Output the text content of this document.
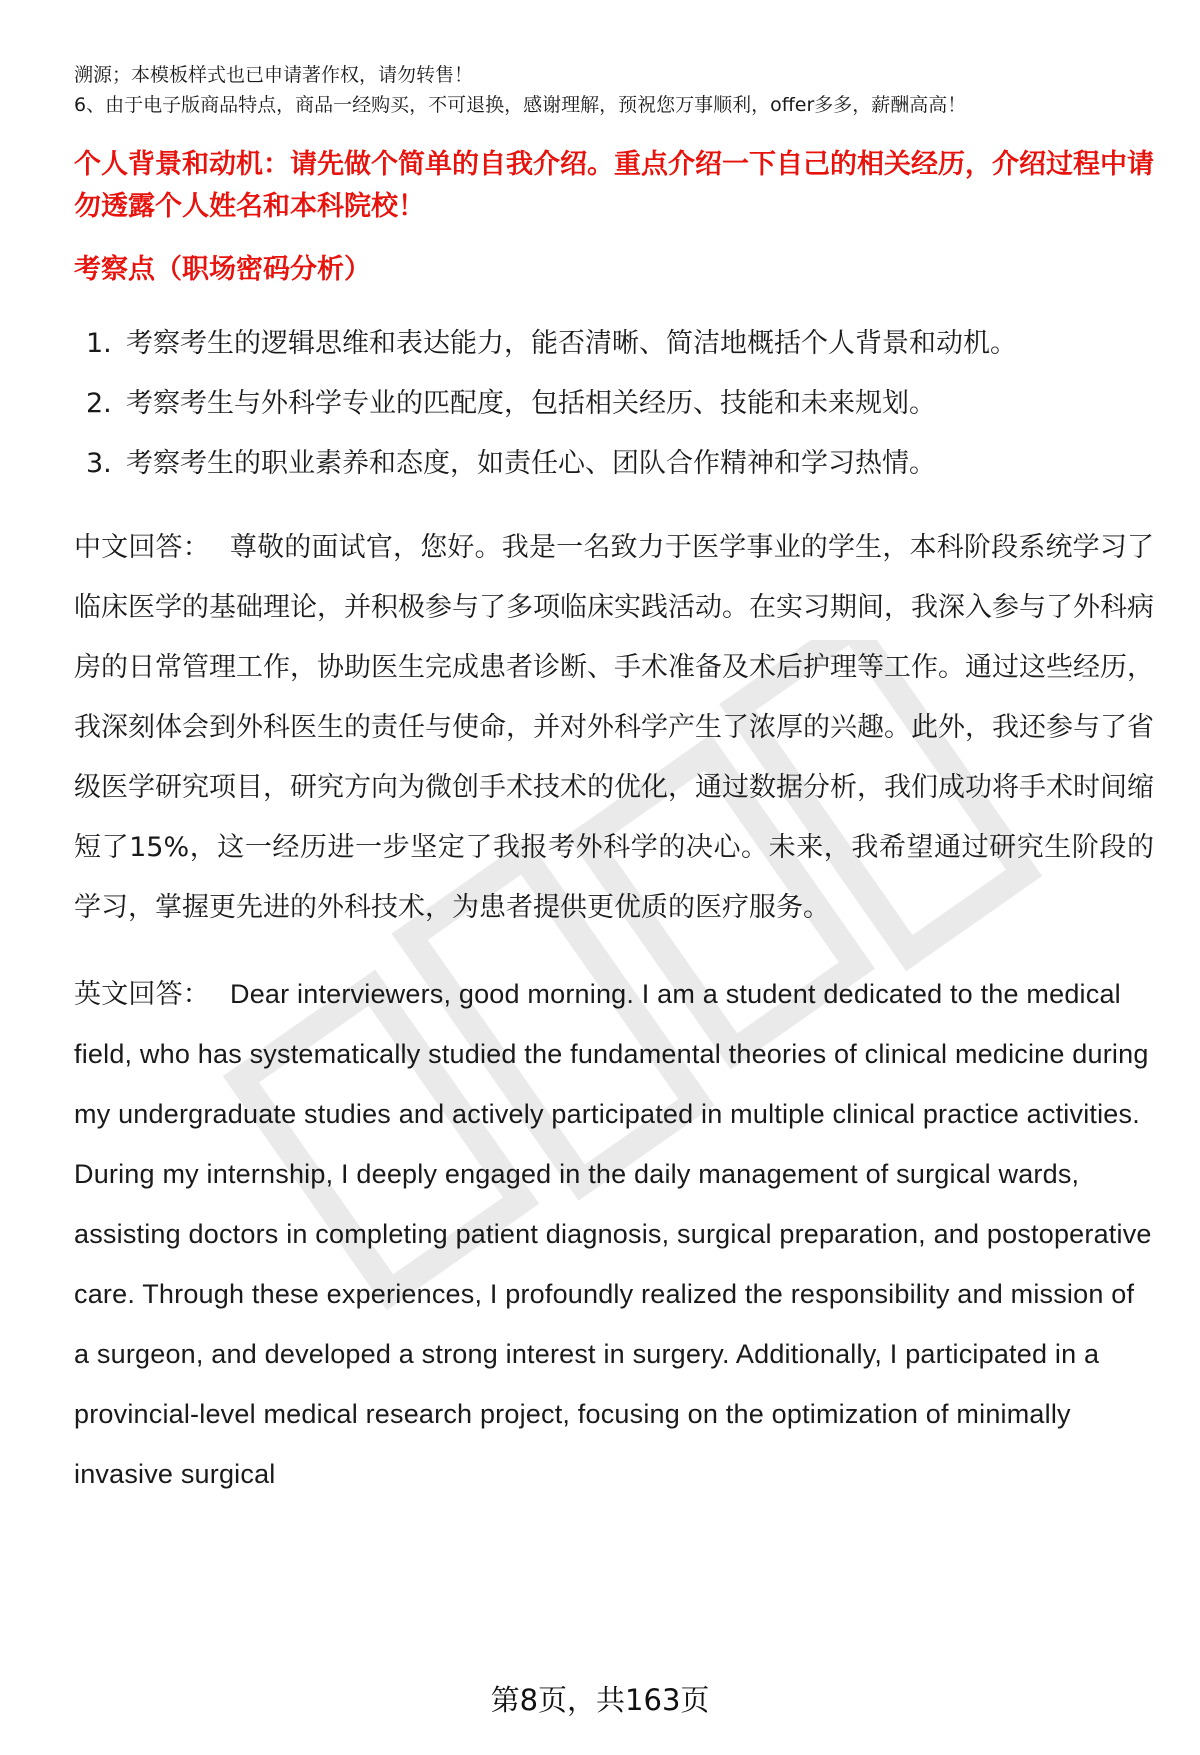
溯源；本模板样式也已申请著作权，请勿转售！

6、由于电子版商品特点，商品一经购买，不可退换，感谢理解，预祝您万事顺利，offer多多，薪酬高高！

个人背景和动机：请先做个简单的自我介绍。重点介绍一下自己的相关经历，介绍过程中请勿透露个人姓名和本科院校！

考察点（职场密码分析）

1. 考察考生的逻辑思维和表达能力，能否清晰、简洁地概括个人背景和动机。
2. 考察考生与外科学专业的匹配度，包括相关经历、技能和未来规划。
3. 考察考生的职业素养和态度，如责任心、团队合作精神和学习热情。

中文回答： 尊敬的面试官，您好。我是一名致力于医学事业的学生，本科阶段系统学习了临床医学的基础理论，并积极参与了多项临床实践活动。在实习期间，我深入参与了外科病房的日常管理工作，协助医生完成患者诊断、手术准备及术后护理等工作。通过这些经历，我深刻体会到外科医生的责任与使命，并对外科学产生了浓厚的兴趣。此外，我还参与了省级医学研究项目，研究方向为微创手术技术的优化，通过数据分析，我们成功将手术时间缩短了15%，这一经历进一步坚定了我报考外科学的决心。未来，我希望通过研究生阶段的学习，掌握更先进的外科技术，为患者提供更优质的医疗服务。

英文回答： Dear interviewers, good morning. I am a student dedicated to the medical field, who has systematically studied the fundamental theories of clinical medicine during my undergraduate studies and actively participated in multiple clinical practice activities. During my internship, I deeply engaged in the daily management of surgical wards, assisting doctors in completing patient diagnosis, surgical preparation, and postoperative care. Through these experiences, I profoundly realized the responsibility and mission of a surgeon, and developed a strong interest in surgery. Additionally, I participated in a provincial-level medical research project, focusing on the optimization of minimally invasive surgical

第8页，共163页
